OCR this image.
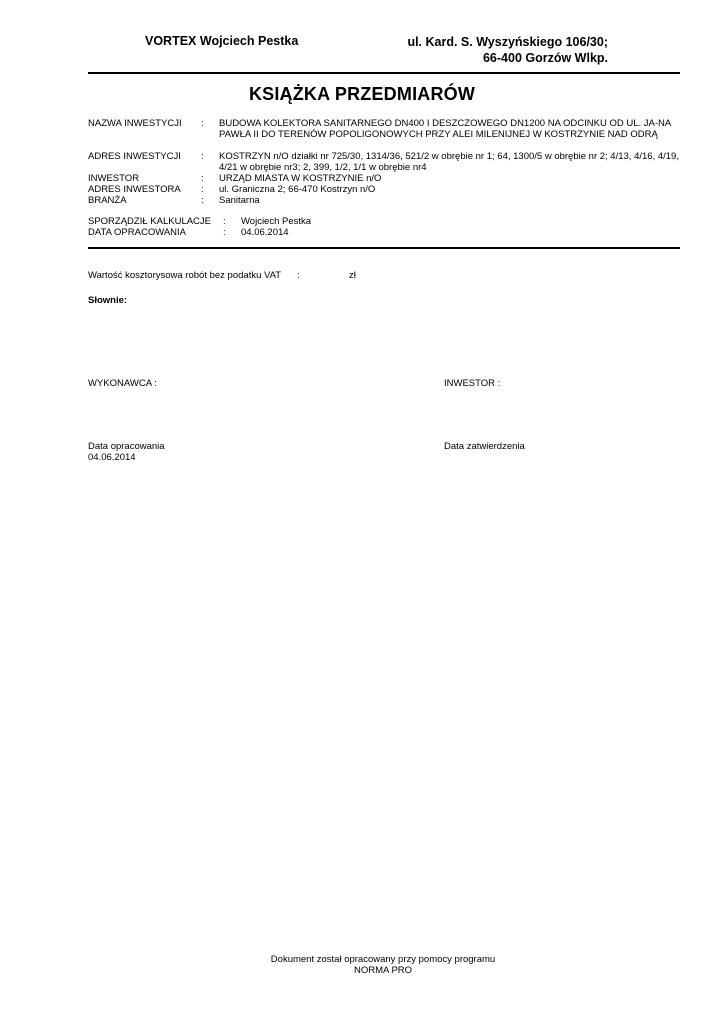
VORTEX Wojciech Pestka	ul. Kard. S. Wyszyńskiego 106/30;
66-400 Gorzów Wlkp.
KSIĄŻKA PRZEDMIARÓW
NAZWA INWESTYCJI : BUDOWA KOLEKTORA SANITARNEGO DN400 I DESZCZOWEGO DN1200 NA ODCINKU OD UL. JA-NA PAWŁA II DO TERENÓW POPOLIGONOWYCH PRZY ALEI MILENIJNEJ W KOSTRZYNIE NAD ODRĄ
ADRES INWESTYCJI : KOSTRZYN n/O działki nr 725/30, 1314/36, 521/2 w obrębie nr 1; 64, 1300/5 w obrębie nr 2; 4/13, 4/16, 4/19, 4/21 w obrębie nr3; 2, 399, 1/2, 1/1 w obrębie nr4
INWESTOR	: URZĄD MIASTA W KOSTRZYNIE n/O
ADRES INWESTORA : ul. Graniczna 2; 66-470 Kostrzyn n/O
BRANŻA	: Sanitarna
SPORZĄDZIŁ KALKULACJE : Wojciech Pestka
DATA OPRACOWANIA	: 04.06.2014
Wartość kosztorysowa robót bez podatku VAT :	zł
Słownie:
WYKONAWCA :	INWESTOR :
Data opracowania
04.06.2014
Data zatwierdzenia
Dokument został opracowany przy pomocy programu
NORMA PRO
